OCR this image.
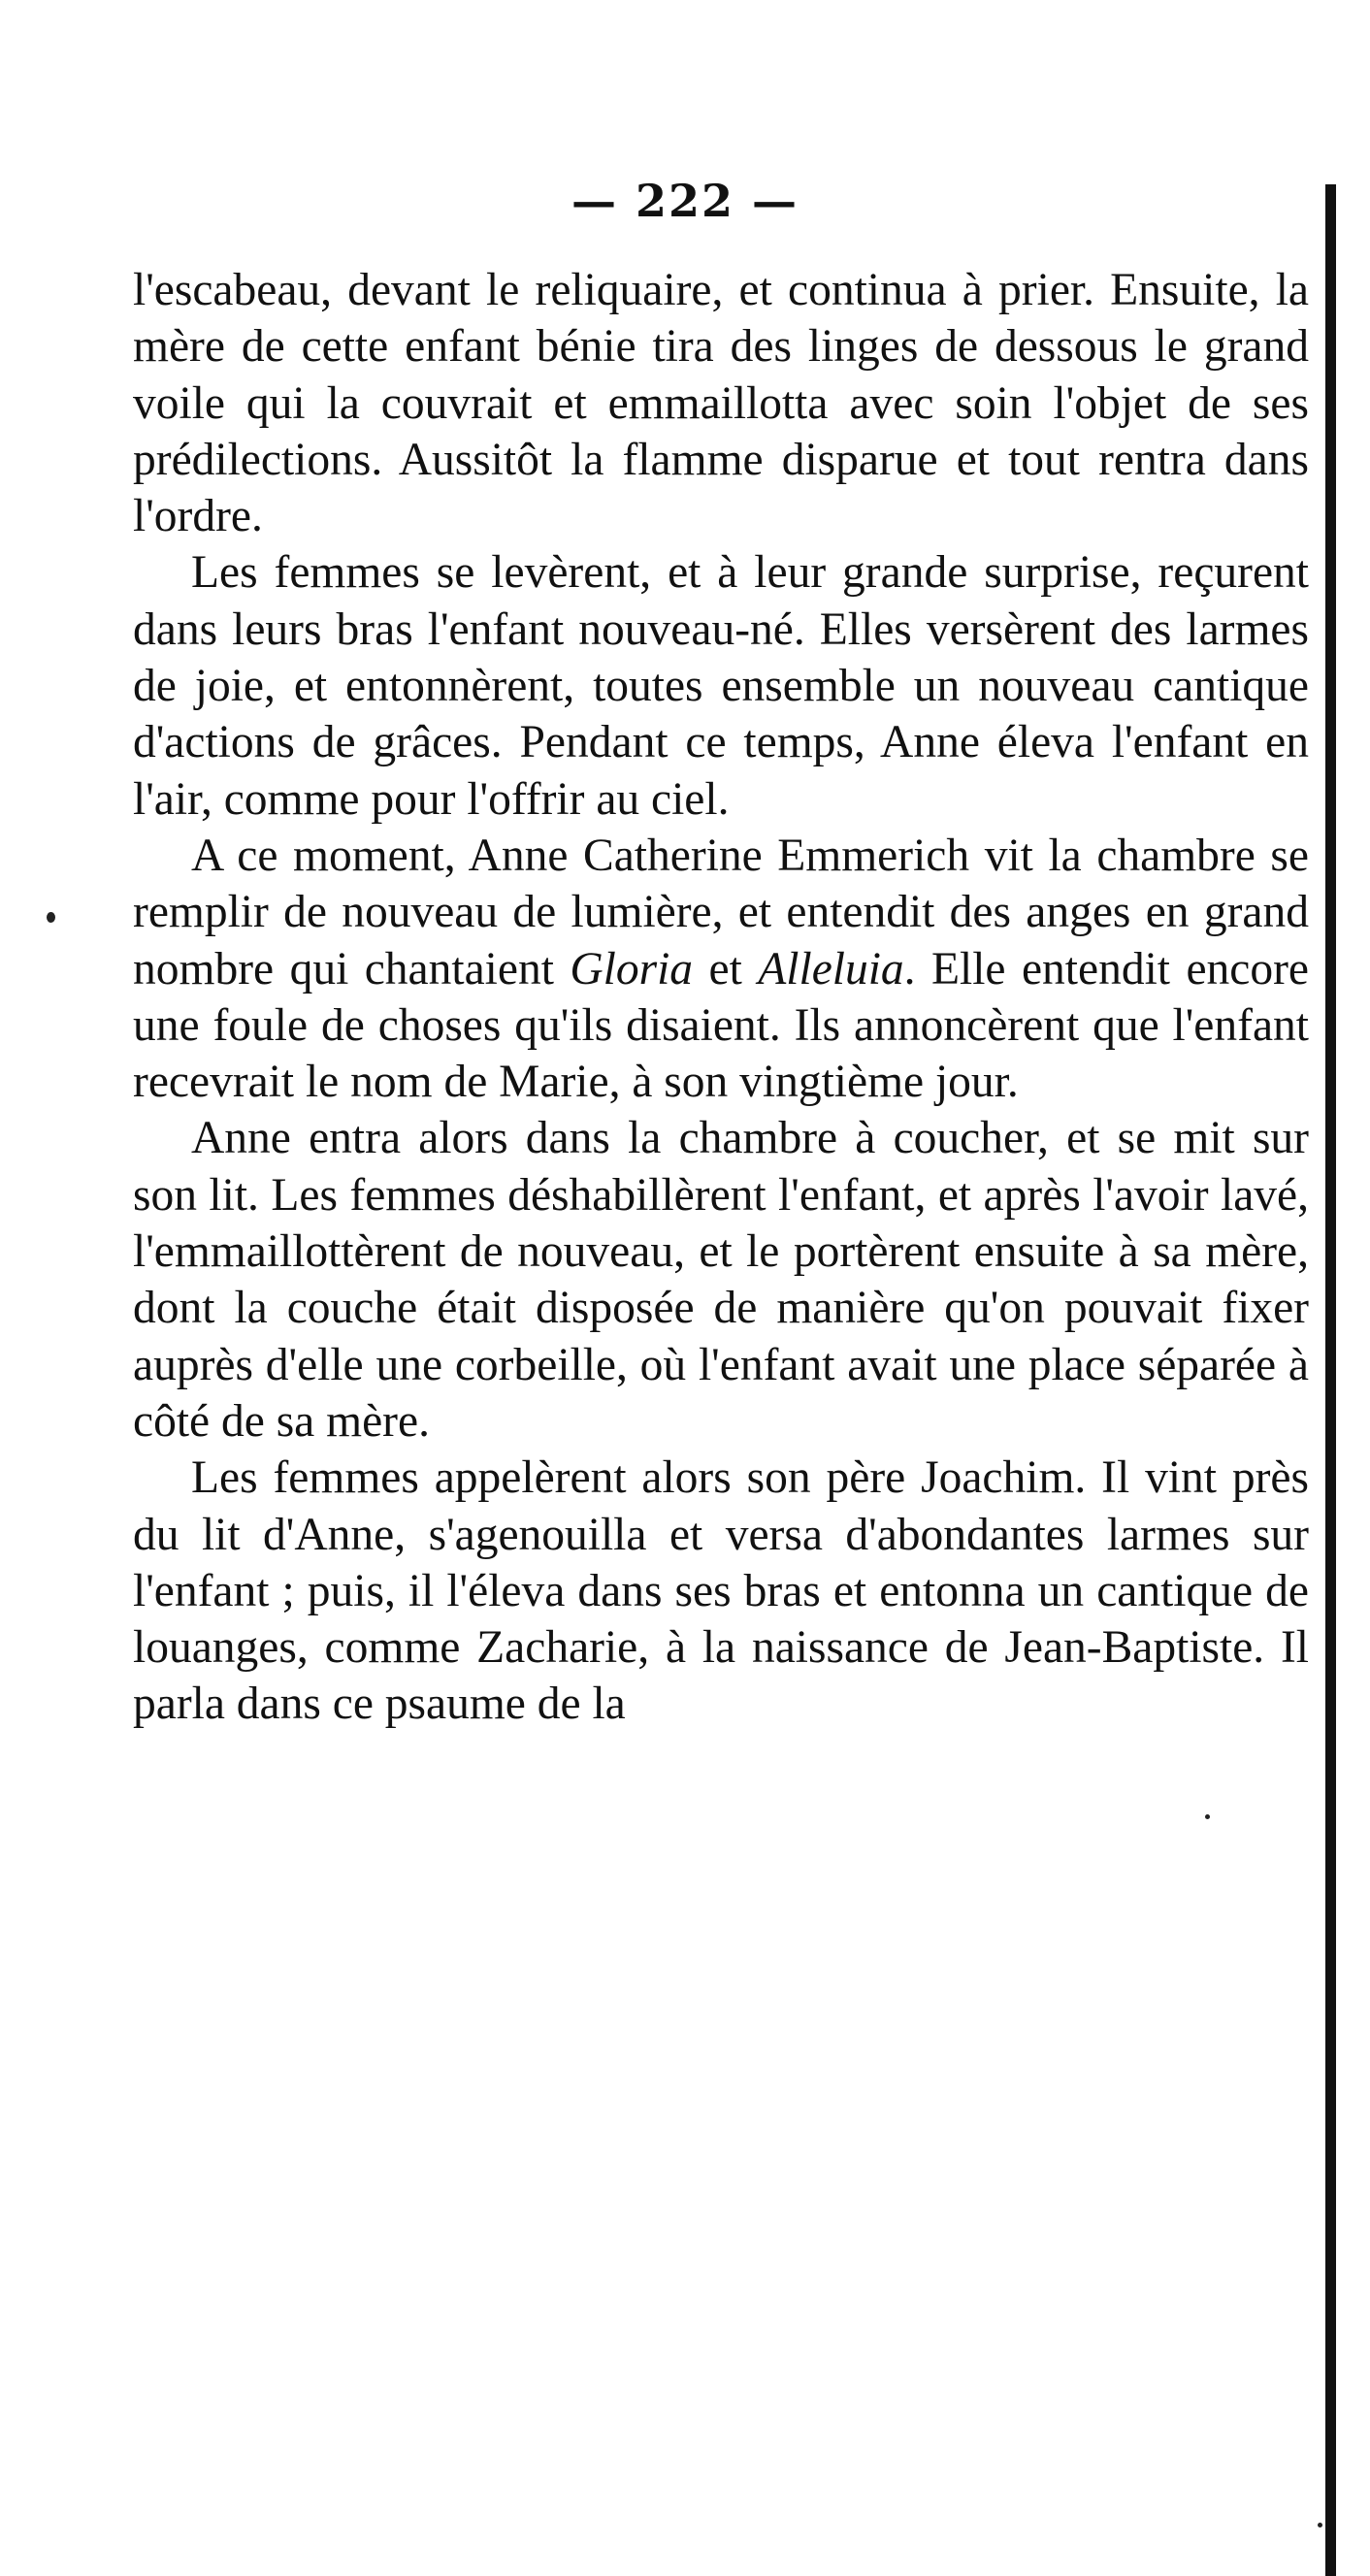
— 222 —

l'escabeau, devant le reliquaire, et continua à prier. Ensuite, la mère de cette enfant bénie tira des linges de dessous le grand voile qui la couvrait et emmaillotta avec soin l'objet de ses prédilections. Aussitôt la flamme disparue et tout rentra dans l'ordre.

Les femmes se levèrent, et à leur grande surprise, reçurent dans leurs bras l'enfant nouveau-né. Elles versèrent des larmes de joie, et entonnèrent, toutes ensemble un nouveau cantique d'actions de grâces. Pendant ce temps, Anne éleva l'enfant en l'air, comme pour l'offrir au ciel.

A ce moment, Anne Catherine Emmerich vit la chambre se remplir de nouveau de lumière, et entendit des anges en grand nombre qui chantaient Gloria et Alleluia. Elle entendit encore une foule de choses qu'ils disaient. Ils annoncèrent que l'enfant recevrait le nom de Marie, à son vingtième jour.

Anne entra alors dans la chambre à coucher, et se mit sur son lit. Les femmes déshabillèrent l'enfant, et après l'avoir lavé, l'emmaillottèrent de nouveau, et le portèrent ensuite à sa mère, dont la couche était disposée de manière qu'on pouvait fixer auprès d'elle une corbeille, où l'enfant avait une place séparée à côté de sa mère.

Les femmes appelèrent alors son père Joachim. Il vint près du lit d'Anne, s'agenouilla et versa d'abondantes larmes sur l'enfant ; puis, il l'éleva dans ses bras et entonna un cantique de louanges, comme Zacharie, à la naissance de Jean-Baptiste. Il parla dans ce psaume de la
